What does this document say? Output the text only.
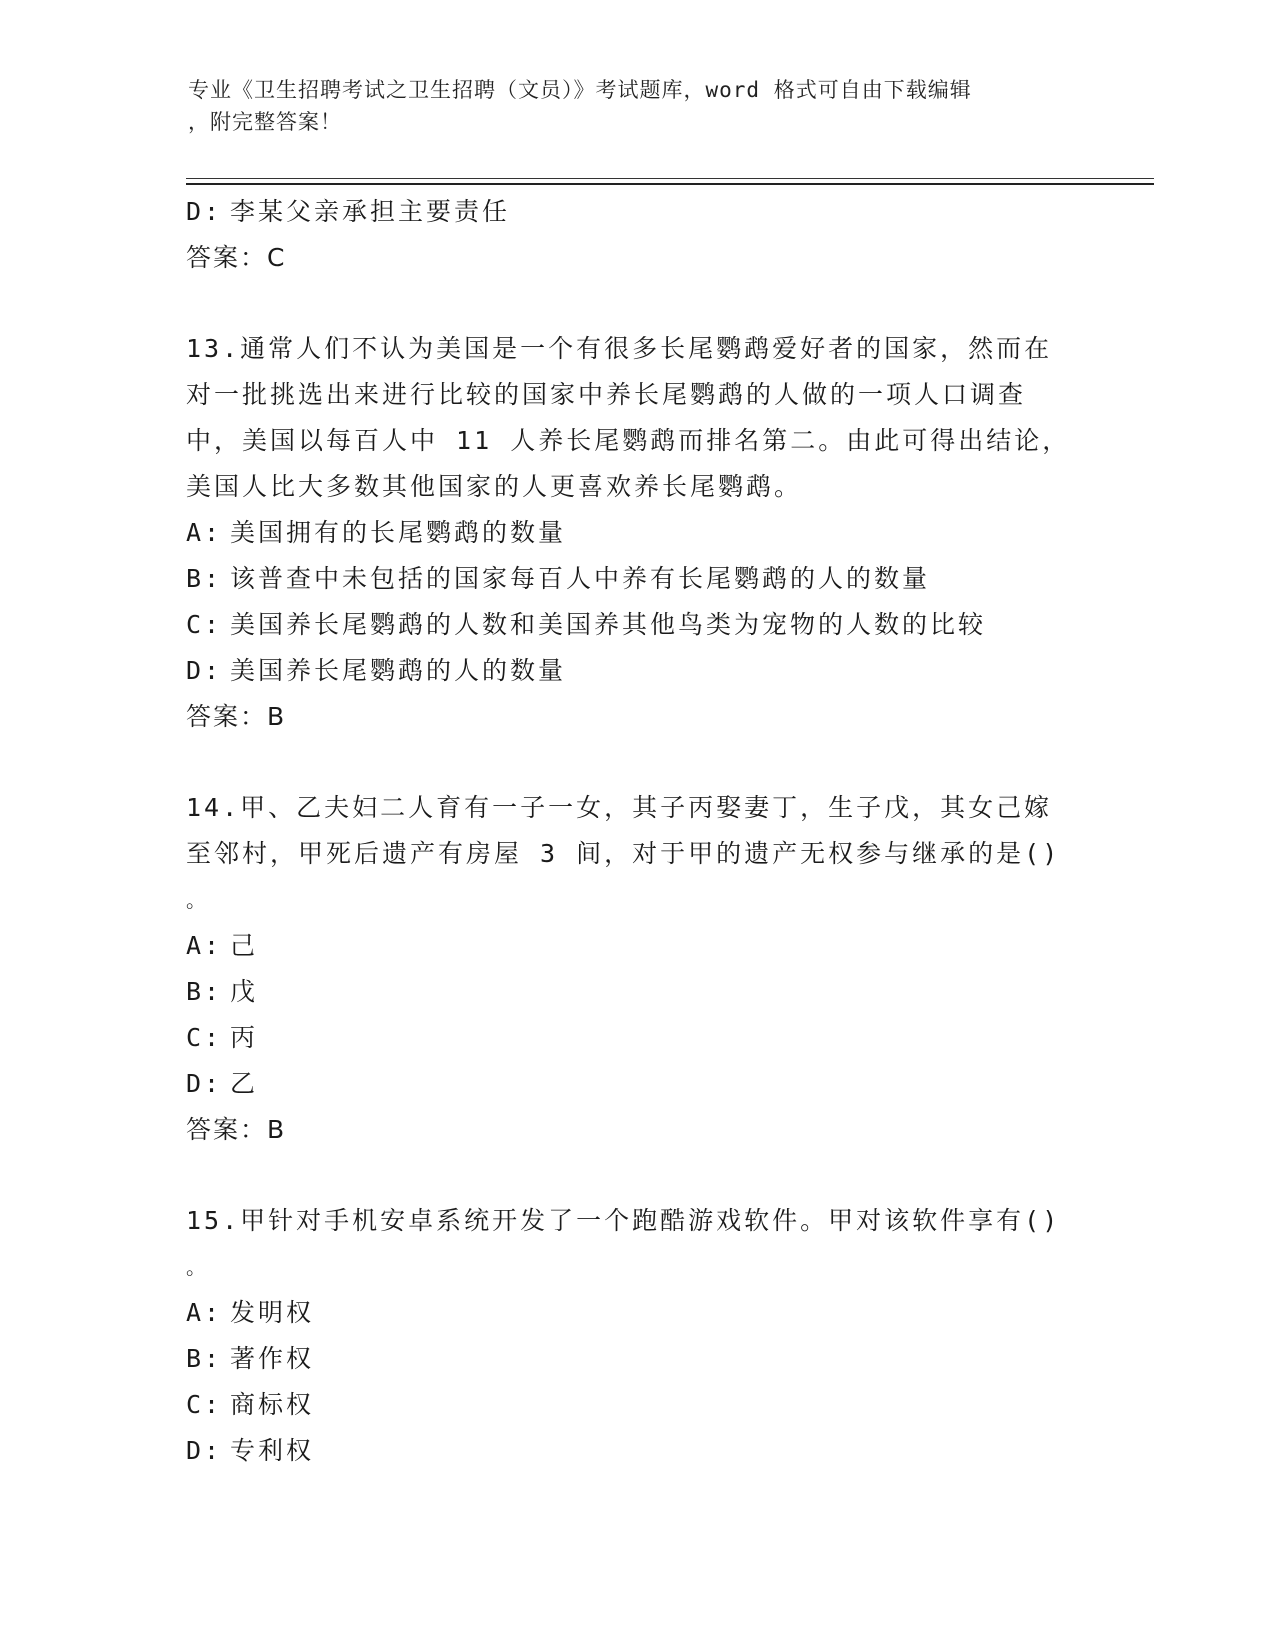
专业《卫生招聘考试之卫生招聘（文员）》考试题库，word 格式可自由下载编辑
，附完整答案！
D: 李某父亲承担主要责任
答案：C
13.通常人们不认为美国是一个有很多长尾鹦鹉爱好者的国家，然而在
对一批挑选出来进行比较的国家中养长尾鹦鹉的人做的一项人口调查
中，美国以每百人中 11 人养长尾鹦鹉而排名第二。由此可得出结论，
美国人比大多数其他国家的人更喜欢养长尾鹦鹉。
A: 美国拥有的长尾鹦鹉的数量
B: 该普查中未包括的国家每百人中养有长尾鹦鹉的人的数量
C: 美国养长尾鹦鹉的人数和美国养其他鸟类为宠物的人数的比较
D: 美国养长尾鹦鹉的人的数量
答案：B
14.甲、乙夫妇二人育有一子一女，其子丙娶妻丁，生子戊，其女己嫁
至邻村，甲死后遗产有房屋 3 间，对于甲的遗产无权参与继承的是()
。
A: 己
B: 戊
C: 丙
D: 乙
答案：B
15.甲针对手机安卓系统开发了一个跑酷游戏软件。甲对该软件享有()
。
A: 发明权
B: 著作权
C: 商标权
D: 专利权
